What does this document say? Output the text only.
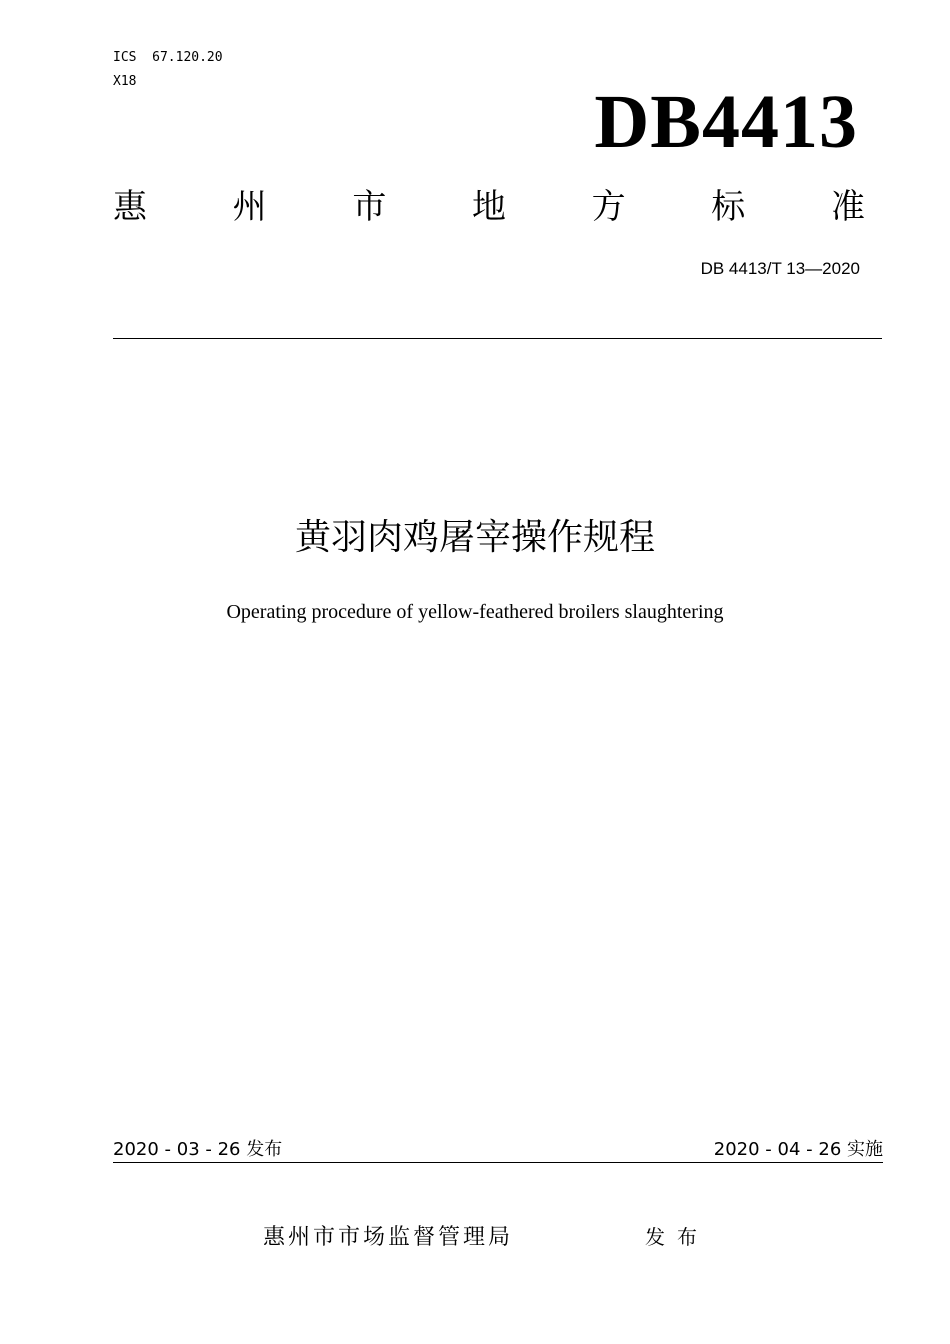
ICS  67.120.20
X18	DB4413
惠	州	市	地	方	标	准
DB 4413/T 13—2020
黄羽肉鸡屠宰操作规程
Operating procedure of yellow-feathered broilers slaughtering
2020 - 03 - 26 发布	2020 - 04 - 26 实施
惠州市市场监督管理局	发布
